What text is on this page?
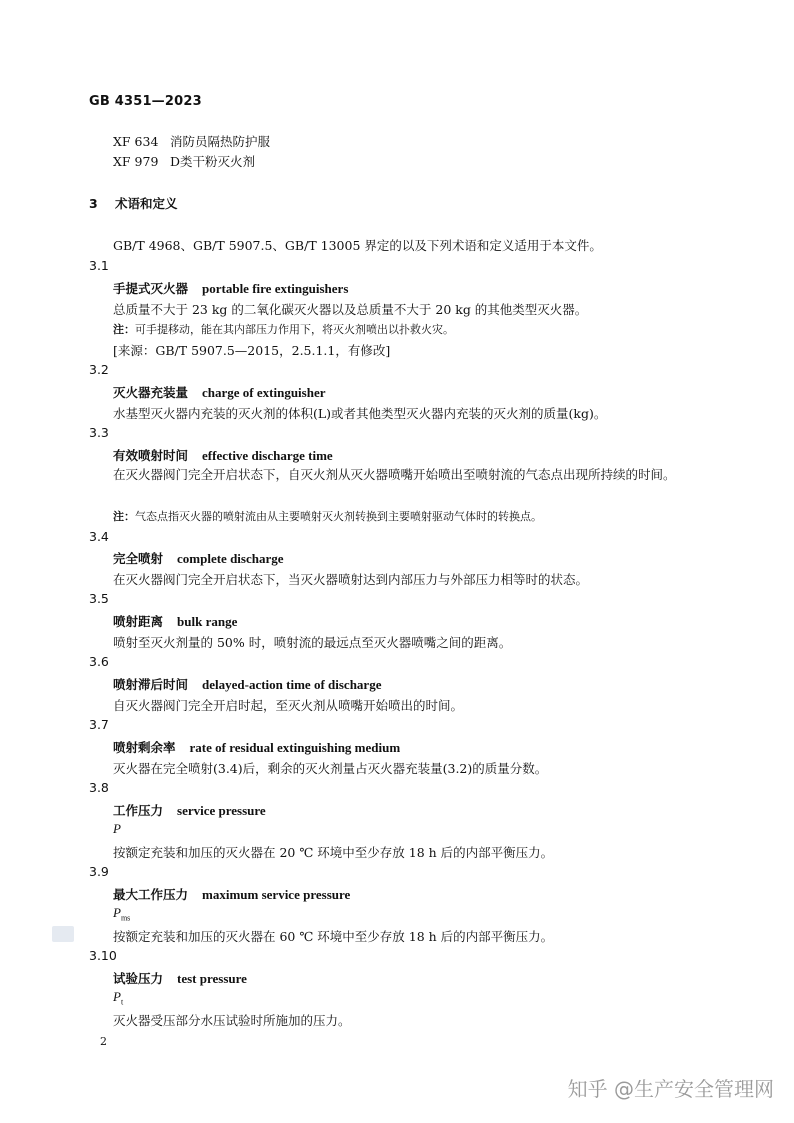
GB 4351—2023
XF 634 消防员隔热防护服
XF 979 D类干粉灭火剂
3 术语和定义
GB/T 4968、GB/T 5907.5、GB/T 13005 界定的以及下列术语和定义适用于本文件。
3.1
手提式灭火器 portable fire extinguishers
总质量不大于 23 kg 的二氧化碳灭火器以及总质量不大于 20 kg 的其他类型灭火器。
注：可手提移动，能在其内部压力作用下，将灭火剂喷出以扑救火灾。
[来源：GB/T 5907.5—2015，2.5.1.1，有修改]
3.2
灭火器充装量 charge of extinguisher
水基型灭火器内充装的灭火剂的体积(L)或者其他类型灭火器内充装的灭火剂的质量(kg)。
3.3
有效喷射时间 effective discharge time
在灭火器阀门完全开启状态下，自灭火剂从灭火器喷嘴开始喷出至喷射流的气态点出现所持续的时间。
注：气态点指灭火器的喷射流由从主要喷射灭火剂转换到主要喷射驱动气体时的转换点。
3.4
完全喷射 complete discharge
在灭火器阀门完全开启状态下，当灭火器喷射达到内部压力与外部压力相等时的状态。
3.5
喷射距离 bulk range
喷射至灭火剂量的 50% 时，喷射流的最远点至灭火器喷嘴之间的距离。
3.6
喷射滞后时间 delayed-action time of discharge
自灭火器阀门完全开启时起，至灭火剂从喷嘴开始喷出的时间。
3.7
喷射剩余率 rate of residual extinguishing medium
灭火器在完全喷射(3.4)后，剩余的灭火剂量占灭火器充装量(3.2)的质量分数。
3.8
工作压力 service pressure
P
按额定充装和加压的灭火器在 20 ℃ 环境中至少存放 18 h 后的内部平衡压力。
3.9
最大工作压力 maximum service pressure
$P_{ms}$
按额定充装和加压的灭火器在 60 ℃ 环境中至少存放 18 h 后的内部平衡压力。
3.10
试验压力 test pressure
$P_t$
灭火器受压部分水压试验时所施加的压力。
2
知乎 @生产安全管理网
